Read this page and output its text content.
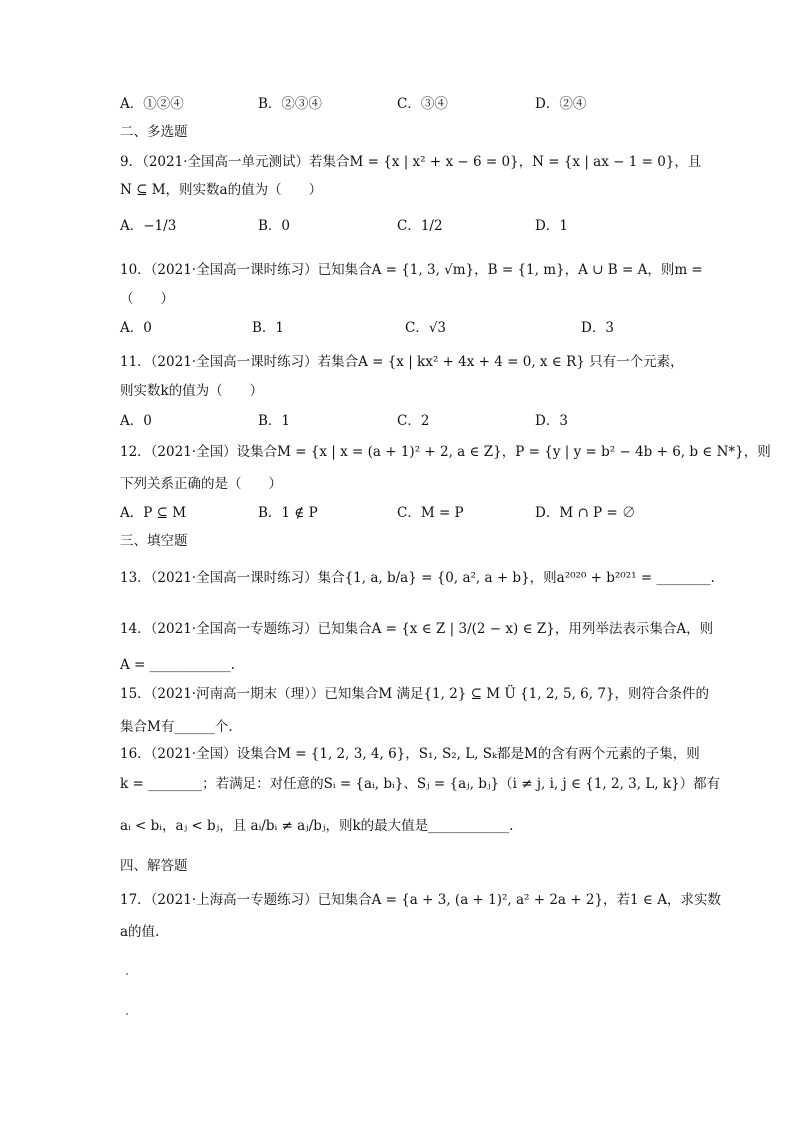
A．①②④	B．②③④	C．③④	D．②④
二、多选题
9．（2021·全国高一单元测试）若集合M = {x | x² + x − 6 = 0}，N = {x | ax − 1 = 0}，且
N ⊆ M，则实数a的值为（　　）
A．−1/3	B．0	C．1/2	D．1
10．（2021·全国高一课时练习）已知集合A = {1, 3, √m}，B = {1, m}，A ∪ B = A，则m =
（　　）
A．0	B．1	C．√3	D．3
11．（2021·全国高一课时练习）若集合A = {x | kx² + 4x + 4 = 0, x ∈ R} 只有一个元素，
则实数k的值为（　　）
A．0	B．1	C．2	D．3
12．（2021·全国）设集合M = {x | x = (a + 1)² + 2, a ∈ Z}，P = {y | y = b² − 4b + 6, b ∈ N*}，则
下列关系正确的是（　　）
A．P ⊆ M	B．1 ∉ P	C．M = P	D．M ∩ P = ∅
三、填空题
13．（2021·全国高一课时练习）集合{1, a, b/a} = {0, a², a + b}，则a²⁰²⁰ + b²⁰²¹ = ________.
14．（2021·全国高一专题练习）已知集合A = {x ∈ Z | 3/(2 − x) ∈ Z}，用列举法表示集合A，则
A = ____________.
15．（2021·河南高一期末（理））已知集合M 满足{1, 2} ⊆ M Ü {1, 2, 5, 6, 7}，则符合条件的
集合M有______个.
16．（2021·全国）设集合M = {1, 2, 3, 4, 6}，S₁, S₂, L, Sₖ都是M的含有两个元素的子集，则
k = ________；若满足：对任意的Sᵢ = {aᵢ, bᵢ}、Sⱼ = {aⱼ, bⱼ}（i ≠ j, i, j ∈ {1, 2, 3, L, k}）都有
aᵢ < bᵢ，aⱼ < bⱼ，且 aᵢ/bᵢ ≠ aⱼ/bⱼ，则k的最大值是____________.
四、解答题
17．（2021·上海高一专题练习）已知集合A = {a + 3, (a + 1)², a² + 2a + 2}，若1 ∈ A，求实数
a的值.
